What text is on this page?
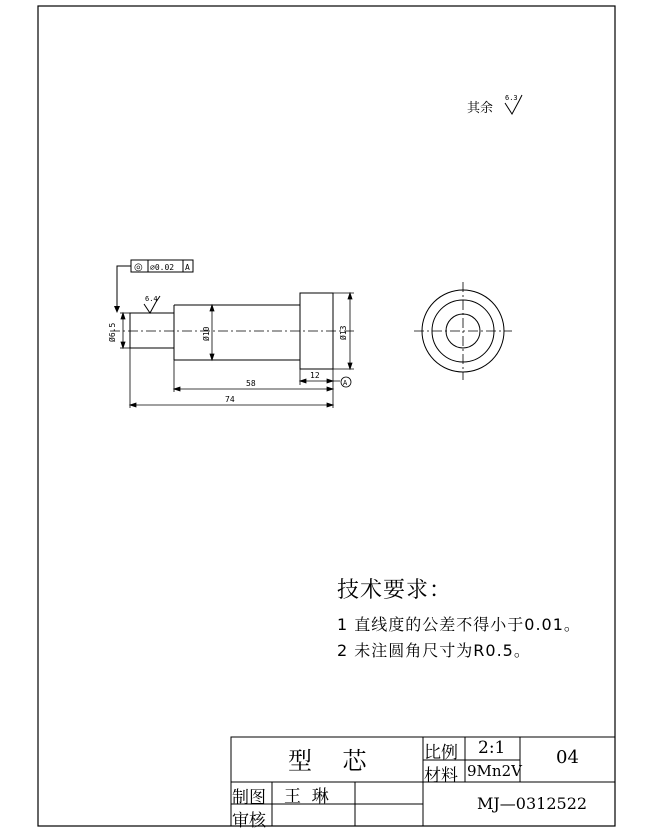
其余
6.3
◎ ⌀0.02 A
6.4
Ø6.5	Ø10	Ø13
58
12
74
A
技术要求：
1 直线度的公差不得小于0.01。
2 未注圆角尺寸为R0.5。
型    芯	比例 2:1
材料 9Mn2V
04
制图 王  琳
审核
MJ—0312522
